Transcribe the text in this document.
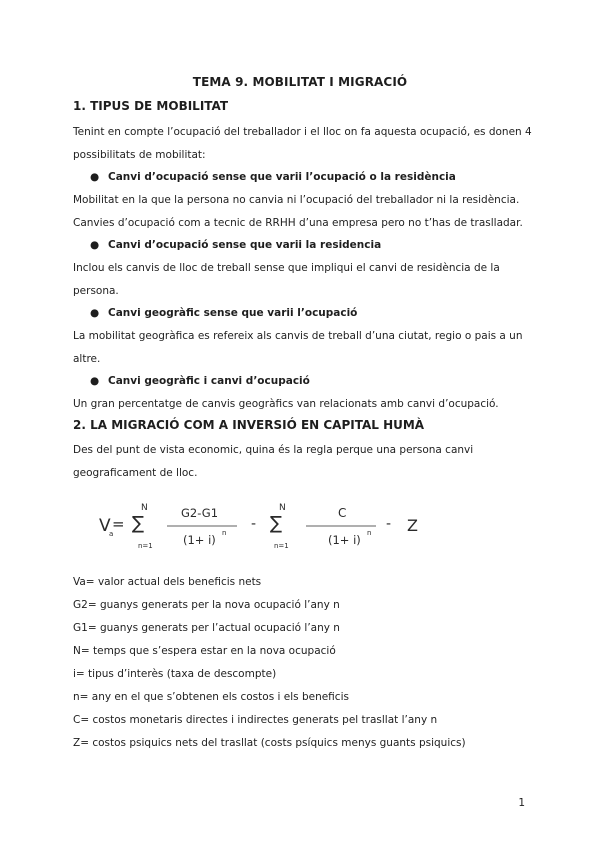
TEMA 9. MOBILITAT I MIGRACIÓ
1. TIPUS DE MOBILITAT
Tenint en compte l’ocupació del treballador i el lloc on fa aquesta ocupació, es donen 4 possibilitats de mobilitat:
● Canvi d’ocupació sense que varii l’ocupació o la residència
Mobilitat en la que la persona no canvia ni l’ocupació del treballador ni la residència.
Canvies d’ocupació com a tecnic de RRHH d’una empresa pero no t’has de traslladar.
● Canvi d’ocupació sense que varii la residencia
Inclou els canvis de lloc de treball sense que impliqui el canvi de residència de la persona.
● Canvi geogràfic sense que varii l’ocupació
La mobilitat geogràfica es refereix als canvis de treball d’una ciutat, regio o pais a un altre.
● Canvi geogràfic i canvi d’ocupació
Un gran percentatge de canvis geogràfics van relacionats amb canvi d’ocupació.
2. LA MIGRACIÓ COM A INVERSIÓ EN CAPITAL HUMÀ
Des del punt de vista economic, quina és la regla perque una persona canvi geograficament de lloc.
V
a
=
N
∑
n=1
G2-G1
(1+ i) n
-
N
∑
n=1
C
(1+ i) n
- Z
Va= valor actual dels beneficis nets
G2= guanys generats per la nova ocupació l’any n
G1= guanys generats per l’actual ocupació l’any n
N= temps que s’espera estar en la nova ocupació
i= tipus d’interès (taxa de descompte)
n= any en el que s’obtenen els costos i els beneficis
C= costos monetaris directes i indirectes generats pel trasllat l’any n
Z= costos psiquics nets del trasllat (costs psíquics menys guants psiquics)
1
